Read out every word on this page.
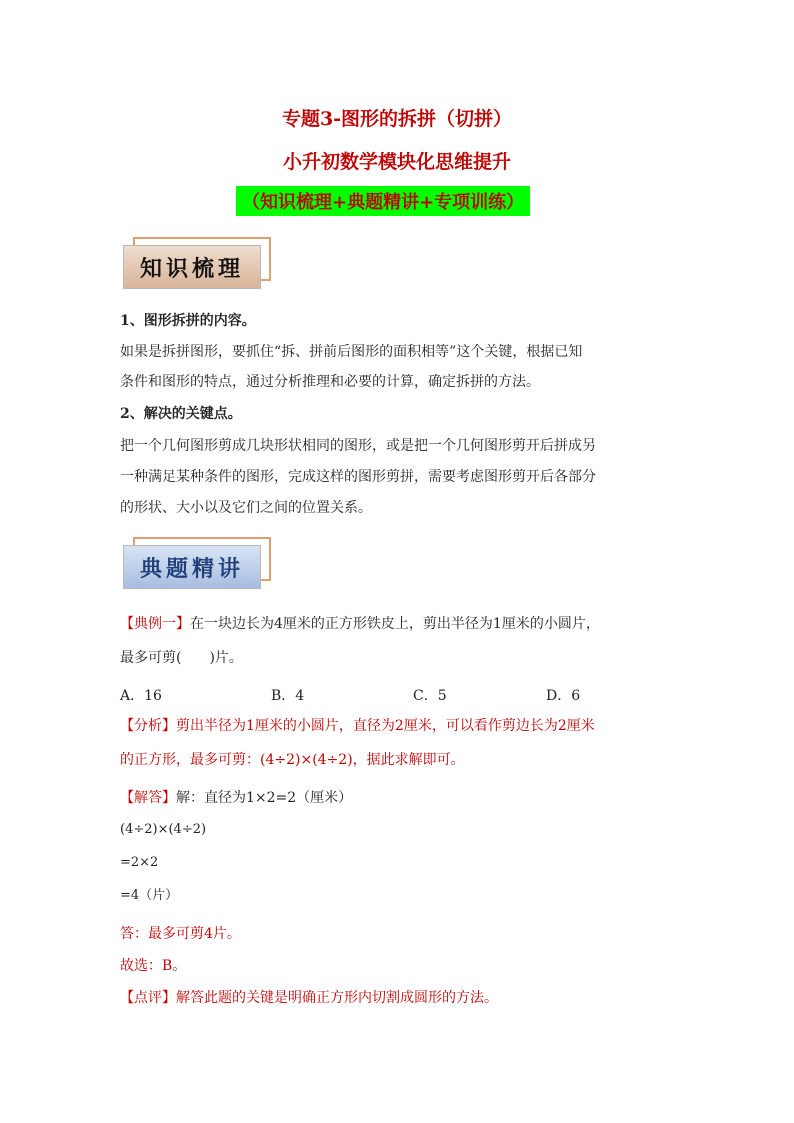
专题3-图形的拆拼（切拼）
小升初数学模块化思维提升
（知识梳理+典题精讲+专项训练）
知识梳理
1、图形拆拼的内容。
如果是拆拼图形，要抓住“拆、拼前后图形的面积相等”这个关键，根据已知
条件和图形的特点，通过分析推理和必要的计算，确定拆拼的方法。
2、解决的关键点。
把一个几何图形剪成几块形状相同的图形，或是把一个几何图形剪开后拼成另
一种满足某种条件的图形，完成这样的图形剪拼，需要考虑图形剪开后各部分
的形状、大小以及它们之间的位置关系。
典题精讲
【典例一】在一块边长为4厘米的正方形铁皮上，剪出半径为1厘米的小圆片，
最多可剪(　　)片。
A．16	B．4	C．5	D．6
【分析】剪出半径为1厘米的小圆片，直径为2厘米，可以看作剪边长为2厘米
的正方形，最多可剪：(4÷2)×(4÷2)，据此求解即可。
【解答】解：直径为1×2=2（厘米）
(4÷2)×(4÷2)
=2×2
=4（片）
答：最多可剪4片。
故选：B。
【点评】解答此题的关键是明确正方形内切割成圆形的方法。
